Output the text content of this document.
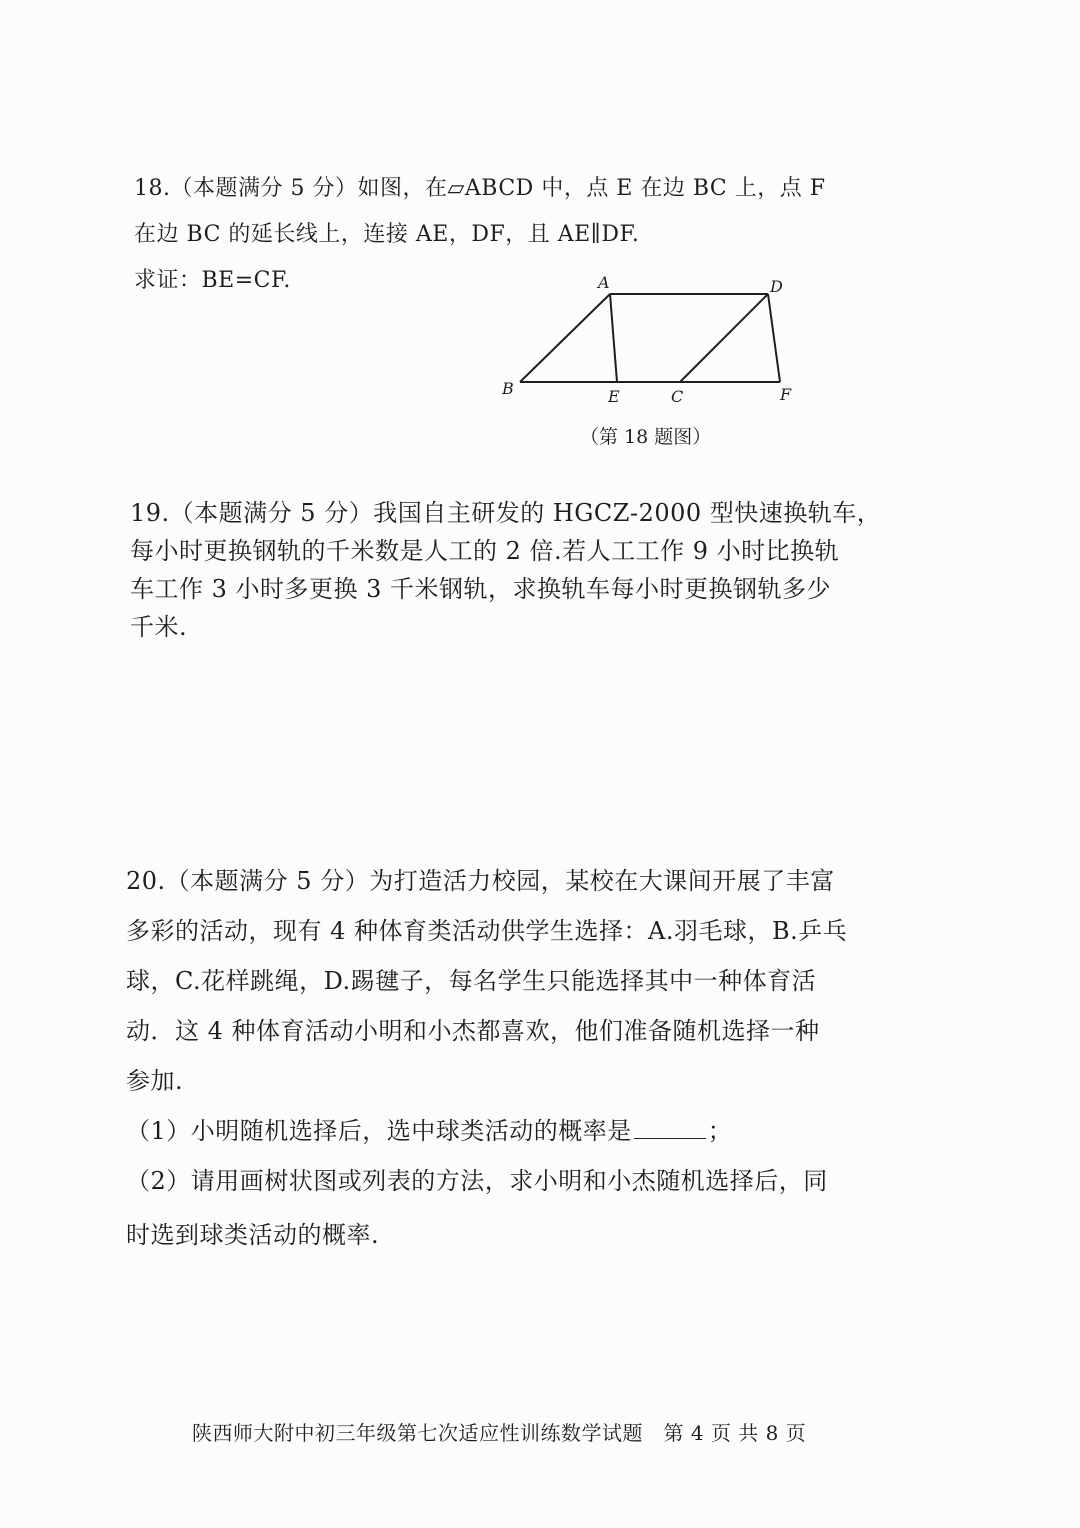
18.（本题满分 5 分）如图，在▱ABCD 中，点 E 在边 BC 上，点 F
在边 BC 的延长线上，连接 AE，DF，且 AE∥DF.
求证：BE=CF.	A	D
B	E	C	F
（第 18 题图）
19.（本题满分 5 分）我国自主研发的 HGCZ-2000 型快速换轨车，
每小时更换钢轨的千米数是人工的 2 倍.若人工工作 9 小时比换轨
车工作 3 小时多更换 3 千米钢轨，求换轨车每小时更换钢轨多少
千米.
20.（本题满分 5 分）为打造活力校园，某校在大课间开展了丰富
多彩的活动，现有 4 种体育类活动供学生选择：A.羽毛球，B.乒乓
球，C.花样跳绳，D.踢毽子，每名学生只能选择其中一种体育活
动．这 4 种体育活动小明和小杰都喜欢，他们准备随机选择一种
参加.
（1）小明随机选择后，选中球类活动的概率是	；
（2）请用画树状图或列表的方法，求小明和小杰随机选择后，同
时选到球类活动的概率.
陕西师大附中初三年级第七次适应性训练数学试题　第 4 页 共 8 页
